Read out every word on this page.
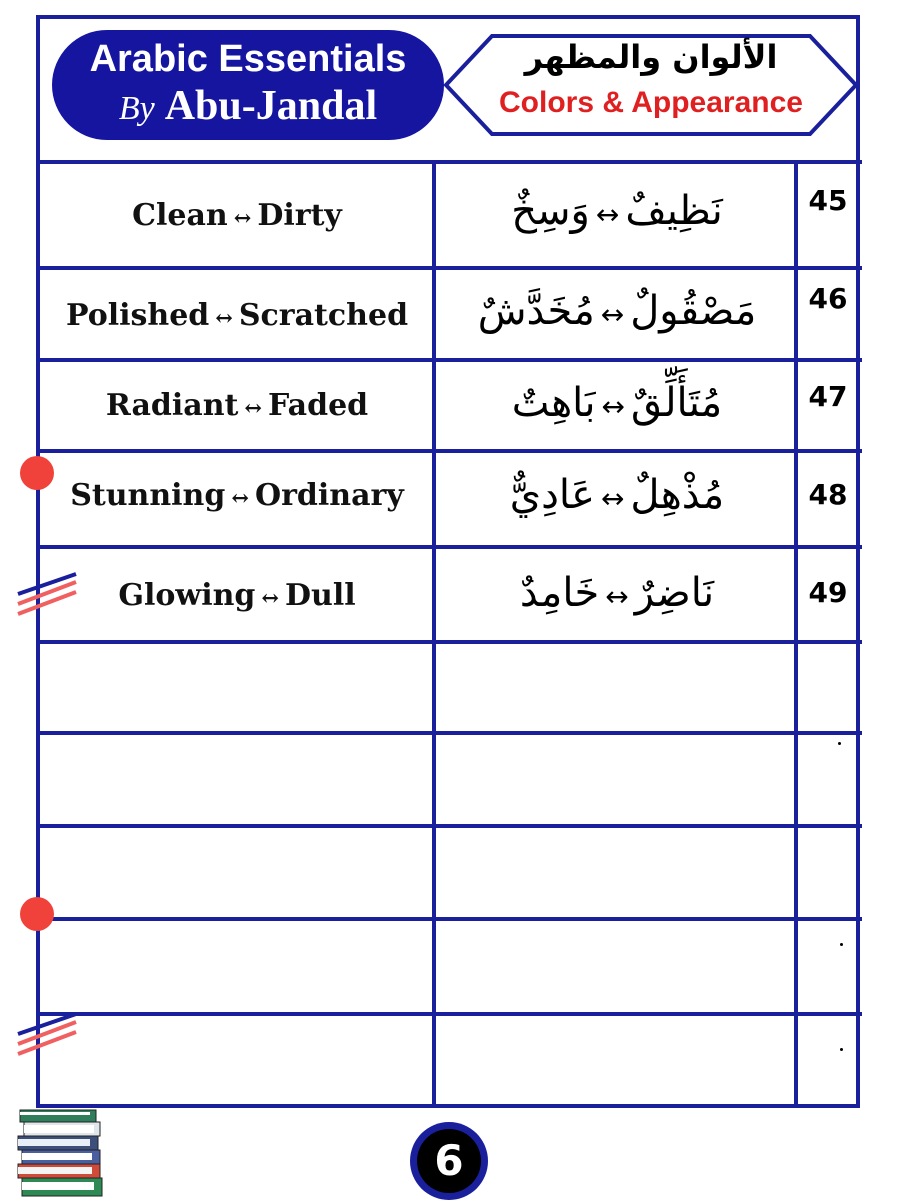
Arabic Essentials
By Abu-Jandal
الألوان والمظهر
Colors & Appearance
Clean ↔ Dirty	نَظِيفٌ↔وَسِخٌ	45
Polished ↔ Scratched	مَصْقُولٌ↔مُخَدَّشٌ	46
Radiant ↔ Faded	مُتَأَلِّقٌ↔بَاهِتٌ	47
Stunning ↔ Ordinary	مُذْهِلٌ↔عَادِيٌّ	48
Glowing ↔ Dull	نَاضِرٌ↔خَامِدٌ	49
6
